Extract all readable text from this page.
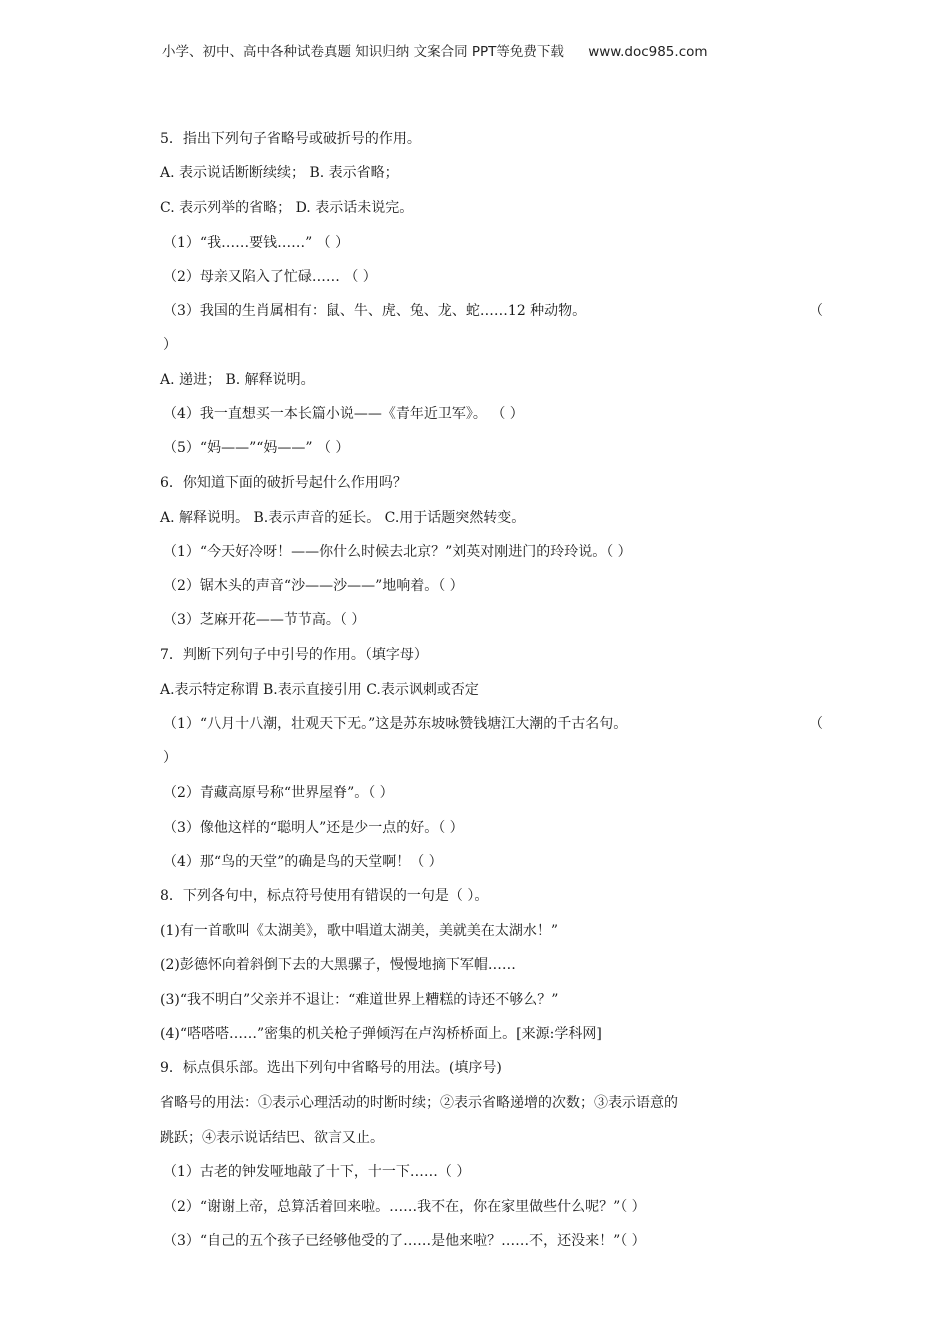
小学、初中、高中各种试卷真题 知识归纳 文案合同 PPT等免费下载 www.doc985.com
5．指出下列句子省略号或破折号的作用。
A. 表示说话断断续续； B. 表示省略；
C. 表示列举的省略； D. 表示话未说完。
（1）“我……要钱……” （ ）
（2）母亲又陷入了忙碌…… （ ）
（3）我国的生肖属相有：鼠、牛、虎、兔、龙、蛇……12 种动物。	（
）
A. 递进； B. 解释说明。
（4）我一直想买一本长篇小说——《青年近卫军》。 （ ）
（5）“妈——”“妈——” （ ）
6．你知道下面的破折号起什么作用吗？
A. 解释说明。 B.表示声音的延长。 C.用于话题突然转变。
（1）“今天好冷呀！——你什么时候去北京？”刘英对刚进门的玲玲说。（ ）
（2）锯木头的声音“沙——沙——”地响着。（ ）
（3）芝麻开花——节节高。（ ）
7．判断下列句子中引号的作用。（填字母）
A.表示特定称谓 B.表示直接引用 C.表示讽刺或否定
（1）“八月十八潮，壮观天下无。”这是苏东坡咏赞钱塘江大潮的千古名句。	（
）
（2）青藏高原号称“世界屋脊”。（ ）
（3）像他这样的“聪明人”还是少一点的好。（ ）
（4）那“鸟的天堂”的确是鸟的天堂啊！（ ）
8．下列各句中，标点符号使用有错误的一句是（ ）。
(1)有一首歌叫《太湖美》，歌中唱道太湖美，美就美在太湖水！”
(2)彭德怀向着斜倒下去的大黑骡子，慢慢地摘下军帽……
(3)“我不明白”父亲并不退让：“难道世界上糟糕的诗还不够么？”
(4)“嗒嗒嗒……”密集的机关枪子弹倾泻在卢沟桥桥面上。[来源:学科网]
9．标点俱乐部。选出下列句中省略号的用法。(填序号)
省略号的用法：①表示心理活动的时断时续；②表示省略递增的次数；③表示语意的
跳跃；④表示说话结巴、欲言又止。
（1）古老的钟发哑地敲了十下，十一下……（ ）
（2）“谢谢上帝，总算活着回来啦。……我不在，你在家里做些什么呢？”（ ）
（3）“自己的五个孩子已经够他受的了……是他来啦？……不，还没来！”（ ）
